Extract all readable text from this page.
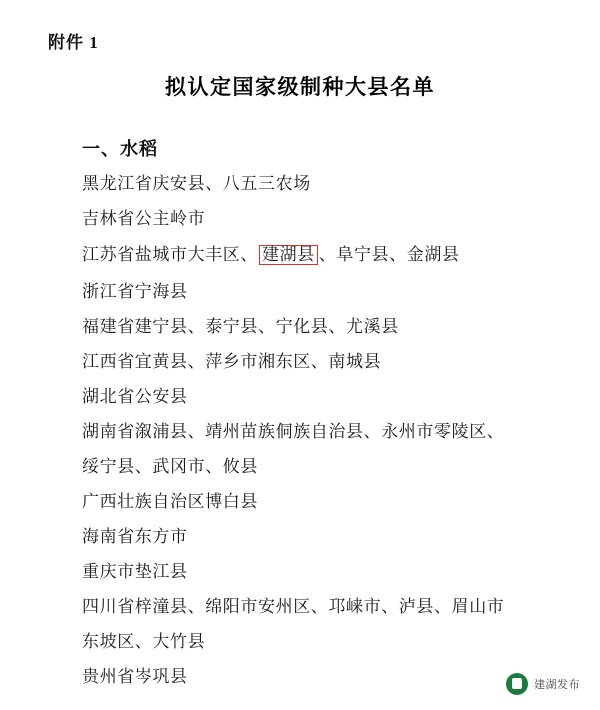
附件 1
拟认定国家级制种大县名单
一、水稻
黑龙江省庆安县、八五三农场
吉林省公主岭市
江苏省盐城市大丰区、 建湖县 、阜宁县、金湖县
浙江省宁海县
福建省建宁县、泰宁县、宁化县、尤溪县
江西省宜黄县、萍乡市湘东区、南城县
湖北省公安县
湖南省溆浦县、靖州苗族侗族自治县、永州市零陵区、
绥宁县、武冈市、攸县
广西壮族自治区博白县
海南省东方市
重庆市垫江县
四川省梓潼县、绵阳市安州区、邛崃市、泸县、眉山市
东坡区、大竹县
贵州省岑巩县	建湖发布
